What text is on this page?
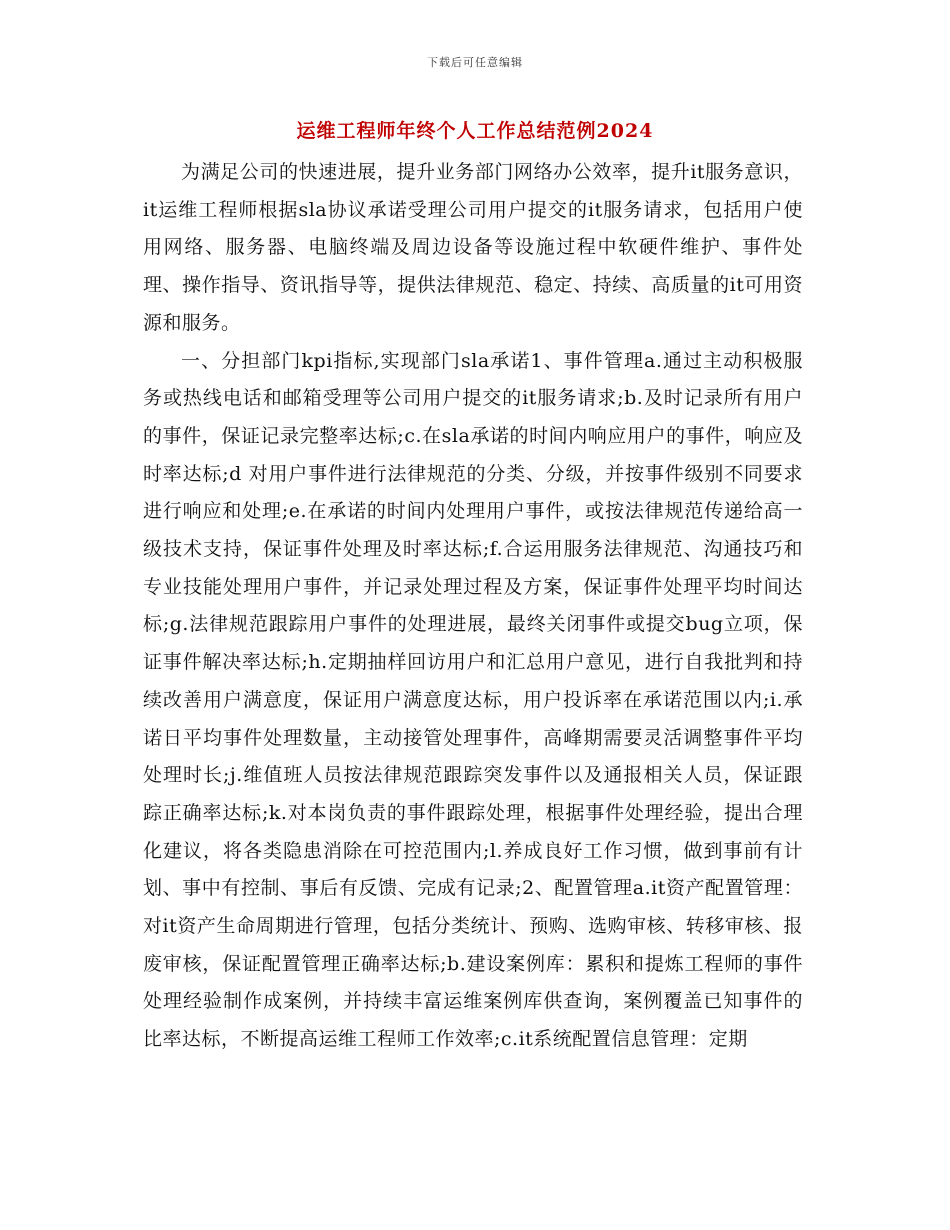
下载后可任意编辑
运维工程师年终个人工作总结范例2024

为满足公司的快速进展，提升业务部门网络办公效率，提升it服务意识，it运维工程师根据sla协议承诺受理公司用户提交的it服务请求，包括用户使用网络、服务器、电脑终端及周边设备等设施过程中软硬件维护、事件处理、操作指导、资讯指导等，提供法律规范、稳定、持续、高质量的it可用资源和服务。

一、分担部门kpi指标,实现部门sla承诺1、事件管理a.通过主动积极服务或热线电话和邮箱受理等公司用户提交的it服务请求;b.及时记录所有用户的事件，保证记录完整率达标;c.在sla承诺的时间内响应用户的事件，响应及时率达标;d 对用户事件进行法律规范的分类、分级，并按事件级别不同要求进行响应和处理;e.在承诺的时间内处理用户事件，或按法律规范传递给高一级技术支持，保证事件处理及时率达标;f.合运用服务法律规范、沟通技巧和专业技能处理用户事件，并记录处理过程及方案，保证事件处理平均时间达标;g.法律规范跟踪用户事件的处理进展，最终关闭事件或提交bug立项，保证事件解决率达标;h.定期抽样回访用户和汇总用户意见，进行自我批判和持续改善用户满意度，保证用户满意度达标，用户投诉率在承诺范围以内;i.承诺日平均事件处理数量，主动接管处理事件，高峰期需要灵活调整事件平均处理时长;j.维值班人员按法律规范跟踪突发事件以及通报相关人员，保证跟踪正确率达标;k.对本岗负责的事件跟踪处理，根据事件处理经验，提出合理化建议，将各类隐患消除在可控范围内;l.养成良好工作习惯，做到事前有计划、事中有控制、事后有反馈、完成有记录;2、配置管理a.it资产配置管理：对it资产生命周期进行管理，包括分类统计、预购、选购审核、转移审核、报废审核，保证配置管理正确率达标;b.建设案例库：累积和提炼工程师的事件处理经验制作成案例，并持续丰富运维案例库供查询，案例覆盖已知事件的比率达标，不断提高运维工程师工作效率;c.it系统配置信息管理：定期
